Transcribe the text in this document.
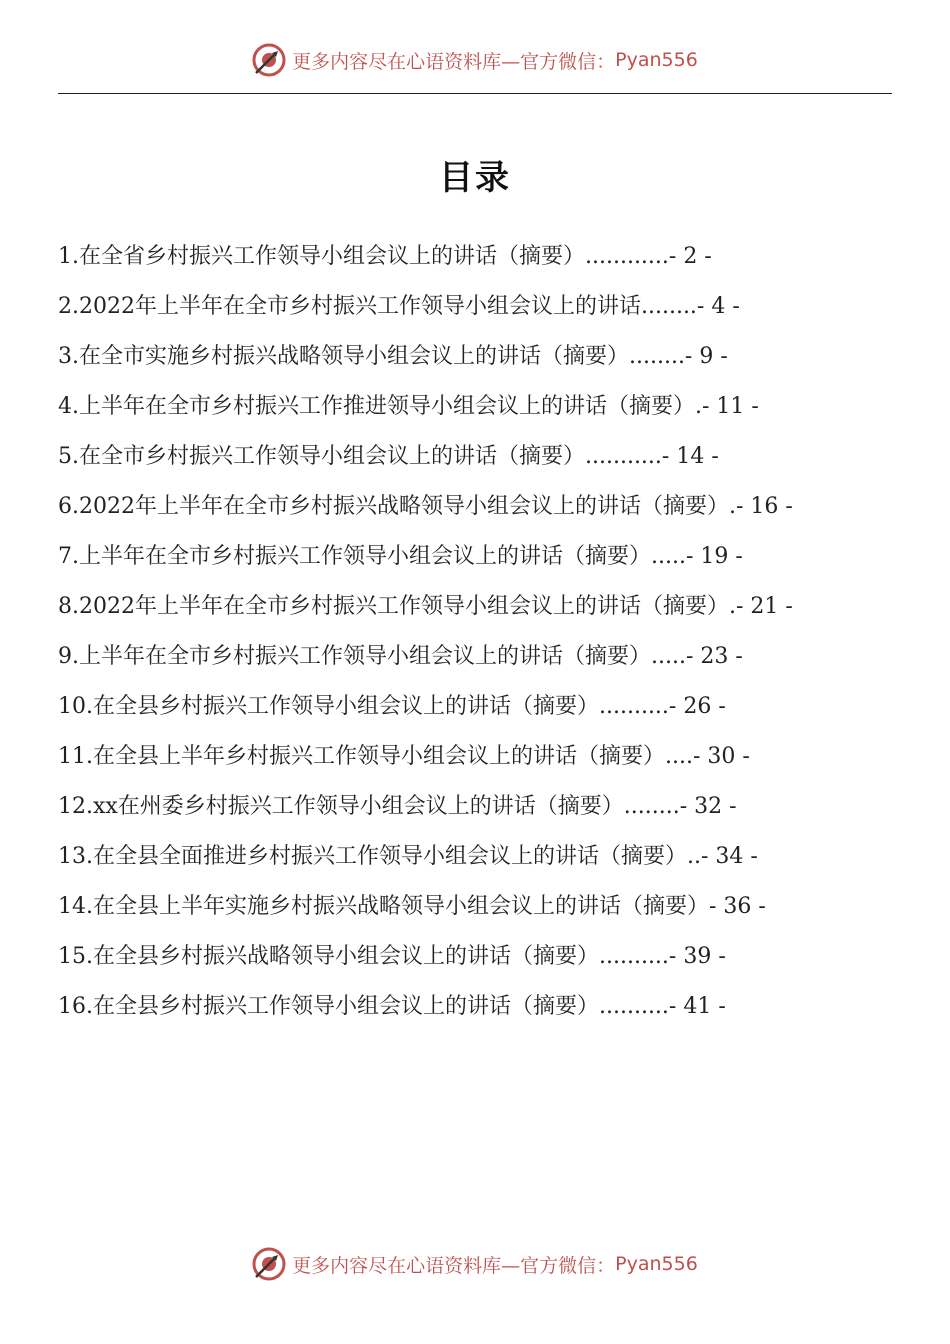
更多内容尽在心语资料库—官方微信： Pyan556
目录
1.在全省乡村振兴工作领导小组会议上的讲话（摘要）............- 2 -
2.2022年上半年在全市乡村振兴工作领导小组会议上的讲话........- 4 -
3.在全市实施乡村振兴战略领导小组会议上的讲话（摘要）........- 9 -
4.上半年在全市乡村振兴工作推进领导小组会议上的讲话（摘要）.- 11 -
5.在全市乡村振兴工作领导小组会议上的讲话（摘要）...........- 14 -
6.2022年上半年在全市乡村振兴战略领导小组会议上的讲话（摘要）.- 16 -
7.上半年在全市乡村振兴工作领导小组会议上的讲话（摘要）.....- 19 -
8.2022年上半年在全市乡村振兴工作领导小组会议上的讲话（摘要）.- 21 -
9.上半年在全市乡村振兴工作领导小组会议上的讲话（摘要）.....- 23 -
10.在全县乡村振兴工作领导小组会议上的讲话（摘要）..........- 26 -
11.在全县上半年乡村振兴工作领导小组会议上的讲话（摘要）....- 30 -
12.xx在州委乡村振兴工作领导小组会议上的讲话（摘要）........- 32 -
13.在全县全面推进乡村振兴工作领导小组会议上的讲话（摘要）..- 34 -
14.在全县上半年实施乡村振兴战略领导小组会议上的讲话（摘要）- 36 -
15.在全县乡村振兴战略领导小组会议上的讲话（摘要）..........- 39 -
16.在全县乡村振兴工作领导小组会议上的讲话（摘要）..........- 41 -
更多内容尽在心语资料库—官方微信： Pyan556
